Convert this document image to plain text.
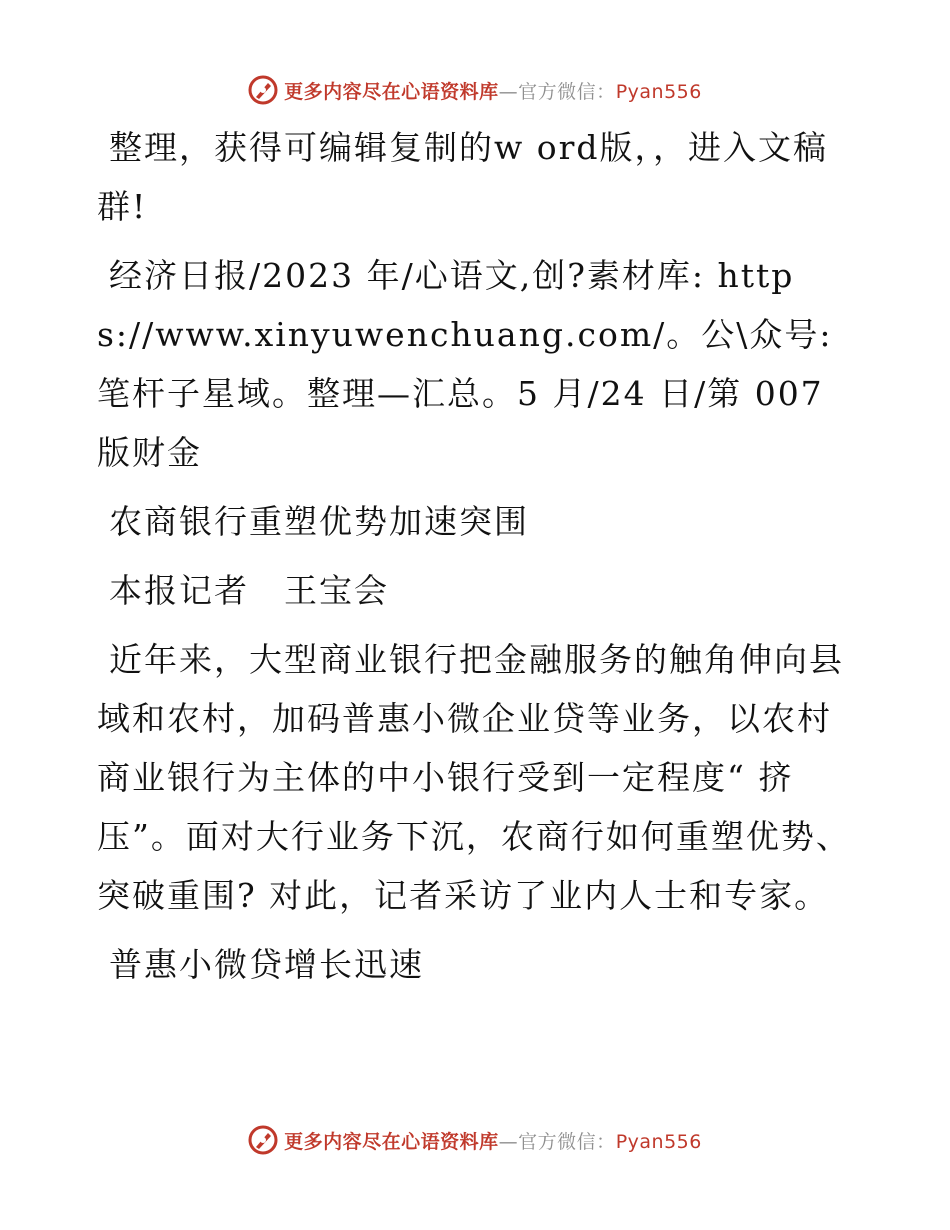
更多内容尽在心语资料库—官方微信：Pyan556

整理，获得可编辑复制的w ord版，，进入文稿群!

经济日报/2023 年/心语文,创?素材库: https://www.xinyuwenchuang.com/。公\众号: 笔杆子星域。整理—汇总。5 月/24 日/第 007 版财金

农商银行重塑优势加速突围

本报记者　王宝会

近年来，大型商业银行把金融服务的触角伸向县域和农村，加码普惠小微企业贷等业务，以农村商业银行为主体的中小银行受到一定程度“ 挤压”。面对大行业务下沉，农商行如何重塑优势、突破重围? 对此，记者采访了业内人士和专家。

普惠小微贷增长迅速

更多内容尽在心语资料库—官方微信：Pyan556
